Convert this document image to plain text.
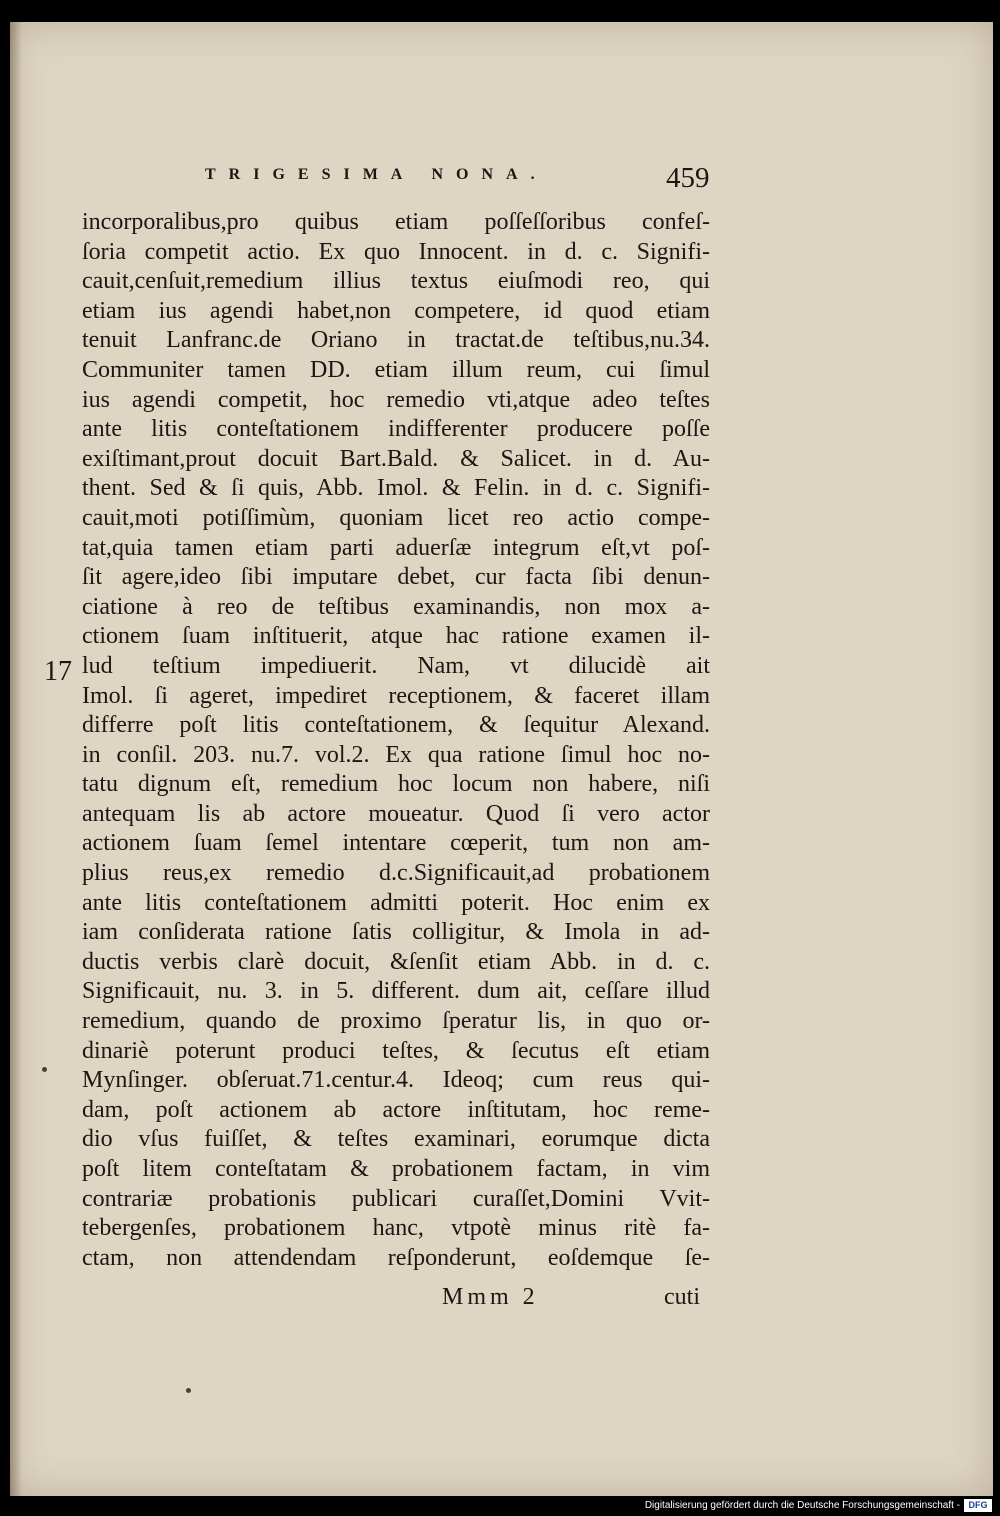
TRIGESIMA NONA.	459
17
incorporalibus,pro quibus etiam poſſeſſoribus confeſ-
ſoria competit actio. Ex quo Innocent. in d. c. Signifi-
cauit,cenſuit,remedium illius textus eiuſmodi reo, qui
etiam ius agendi habet,non competere, id quod etiam
tenuit Lanfranc.de Oriano in tractat.de teſtibus,nu.34.
Communiter tamen DD. etiam illum reum, cui ſimul
ius agendi competit, hoc remedio vti,atque adeo teſtes
ante litis conteſtationem indifferenter producere poſſe
exiſtimant,prout docuit Bart.Bald. & Salicet. in d. Au-
thent. Sed & ſi quis, Abb. Imol. & Felin. in d. c. Signifi-
cauit,moti potiſſimùm, quoniam licet reo actio compe-
tat,quia tamen etiam parti aduerſæ integrum eſt,vt poſ-
ſit agere,ideo ſibi imputare debet, cur facta ſibi denun-
ciatione à reo de teſtibus examinandis, non mox a-
ctionem ſuam inſtituerit, atque hac ratione examen il-
lud teſtium impediuerit. Nam, vt dilucidè ait
Imol. ſi ageret, impediret receptionem, & faceret illam
differre poſt litis conteſtationem, & ſequitur Alexand.
in conſil. 203. nu.7. vol.2. Ex qua ratione ſimul hoc no-
tatu dignum eſt, remedium hoc locum non habere, niſi
antequam lis ab actore moueatur. Quod ſi vero actor
actionem ſuam ſemel intentare cœperit, tum non am-
plius reus,ex remedio d.c.Significauit,ad probationem
ante litis conteſtationem admitti poterit. Hoc enim ex
iam conſiderata ratione ſatis colligitur, & Imola in ad-
ductis verbis clarè docuit, &ſenſit etiam Abb. in d. c.
Significauit, nu. 3. in 5. different. dum ait, ceſſare illud
remedium, quando de proximo ſperatur lis, in quo or-
dinariè poterunt produci teſtes, & ſecutus eſt etiam
Mynſinger. obſeruat.71.centur.4. Ideoq; cum reus qui-
dam, poſt actionem ab actore inſtitutam, hoc reme-
dio vſus fuiſſet, & teſtes examinari, eorumque dicta
poſt litem conteſtatam & probationem factam, in vim
contrariæ probationis publicari curaſſet,Domini Vvit-
tebergenſes, probationem hanc, vtpotè minus ritè fa-
ctam, non attendendam reſponderunt, eoſdemque ſe-
Mmm 2	cuti
Digitalisierung gefördert durch die Deutsche Forschungsgemeinschaft - DFG
